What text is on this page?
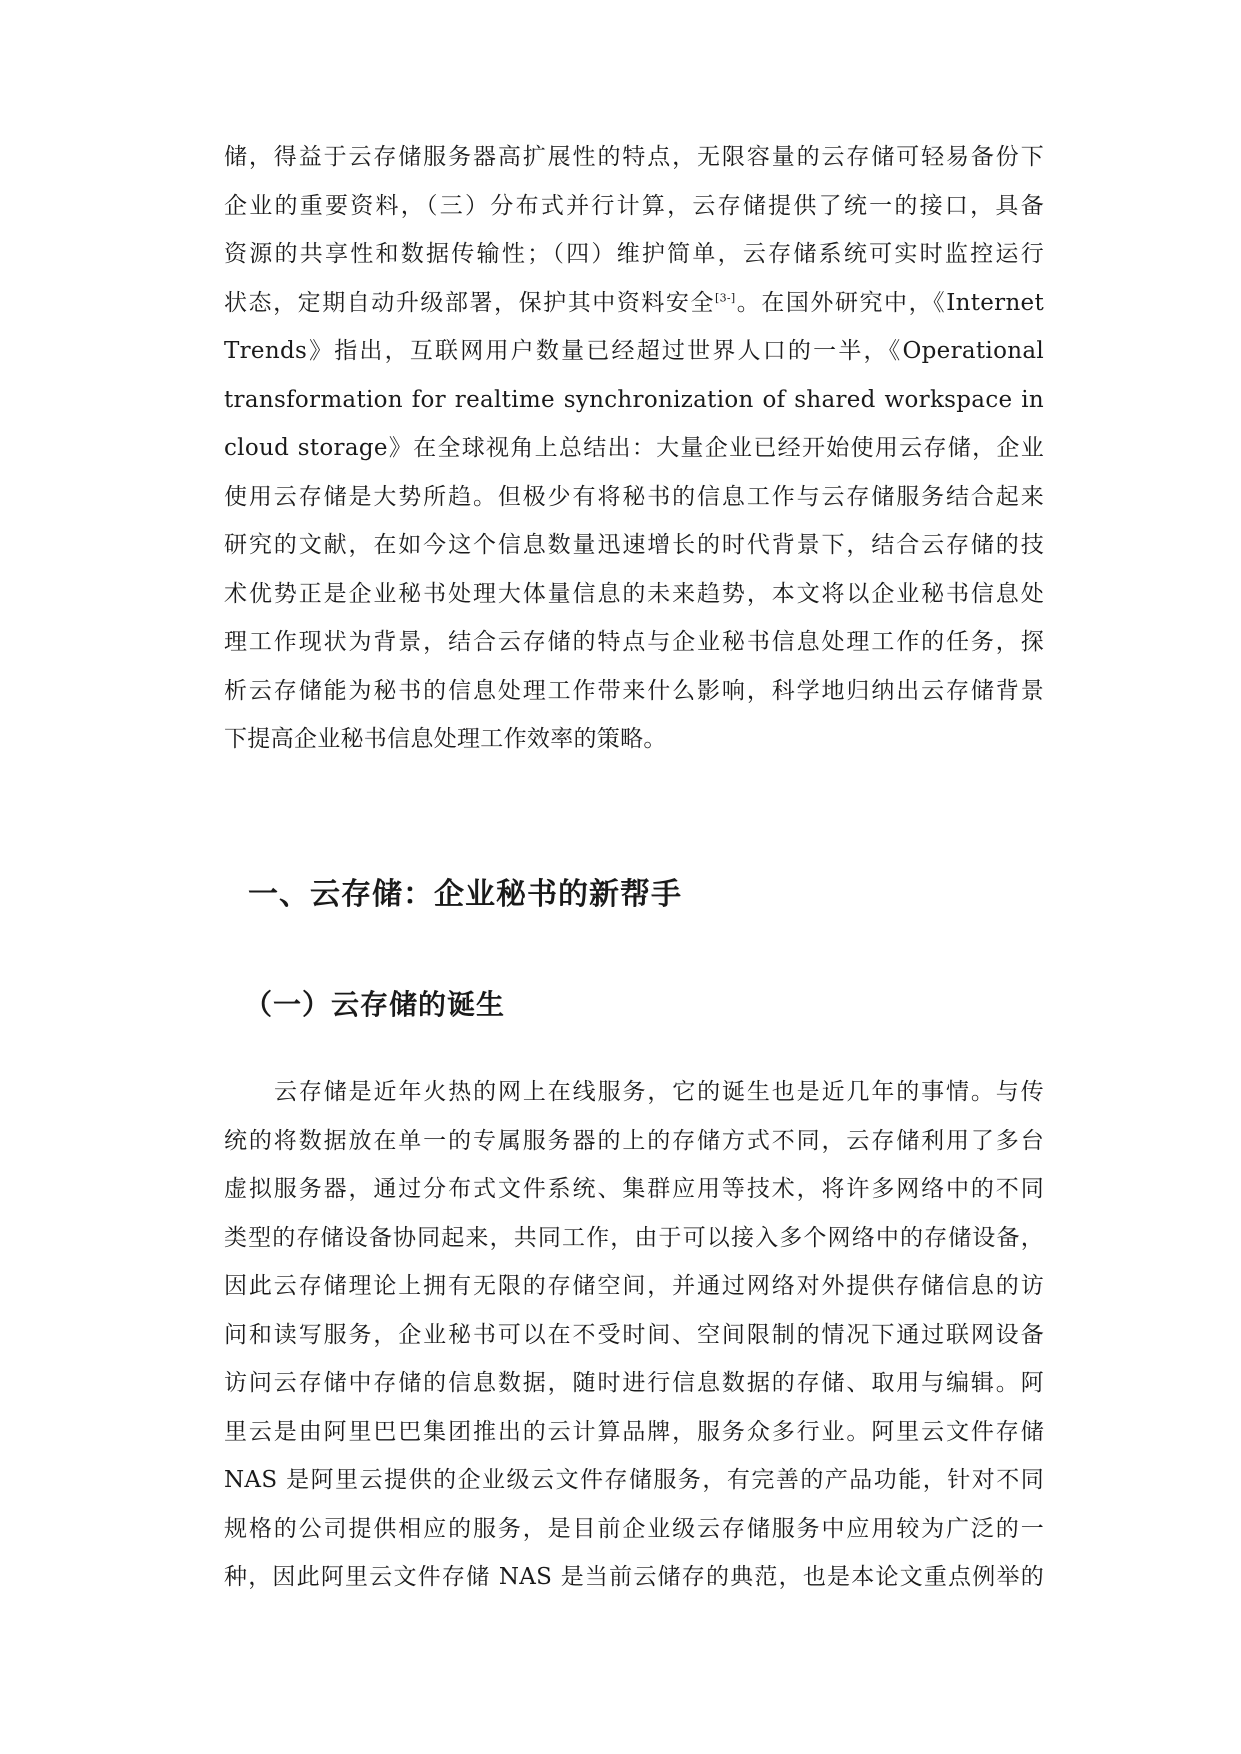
储，得益于云存储服务器高扩展性的特点，无限容量的云存储可轻易备份下
企业的重要资料，（三）分布式并行计算，云存储提供了统一的接口，具备
资源的共享性和数据传输性；（四）维护简单，云存储系统可实时监控运行
状态，定期自动升级部署，保护其中资料安全[3-]。在国外研究中，《Internet
Trends》指出，互联网用户数量已经超过世界人口的一半，《Operational
transformation for realtime synchronization of shared workspace in
cloud storage》在全球视角上总结出：大量企业已经开始使用云存储，企业
使用云存储是大势所趋。但极少有将秘书的信息工作与云存储服务结合起来
研究的文献，在如今这个信息数量迅速增长的时代背景下，结合云存储的技
术优势正是企业秘书处理大体量信息的未来趋势，本文将以企业秘书信息处
理工作现状为背景，结合云存储的特点与企业秘书信息处理工作的任务，探
析云存储能为秘书的信息处理工作带来什么影响，科学地归纳出云存储背景
下提高企业秘书信息处理工作效率的策略。
一、云存储：企业秘书的新帮手
（一）云存储的诞生
云存储是近年火热的网上在线服务，它的诞生也是近几年的事情。与传
统的将数据放在单一的专属服务器的上的存储方式不同，云存储利用了多台
虚拟服务器，通过分布式文件系统、集群应用等技术，将许多网络中的不同
类型的存储设备协同起来，共同工作，由于可以接入多个网络中的存储设备，
因此云存储理论上拥有无限的存储空间，并通过网络对外提供存储信息的访
问和读写服务，企业秘书可以在不受时间、空间限制的情况下通过联网设备
访问云存储中存储的信息数据，随时进行信息数据的存储、取用与编辑。阿
里云是由阿里巴巴集团推出的云计算品牌，服务众多行业。阿里云文件存储
NAS 是阿里云提供的企业级云文件存储服务，有完善的产品功能，针对不同
规格的公司提供相应的服务，是目前企业级云存储服务中应用较为广泛的一
种，因此阿里云文件存储 NAS 是当前云储存的典范，也是本论文重点例举的
